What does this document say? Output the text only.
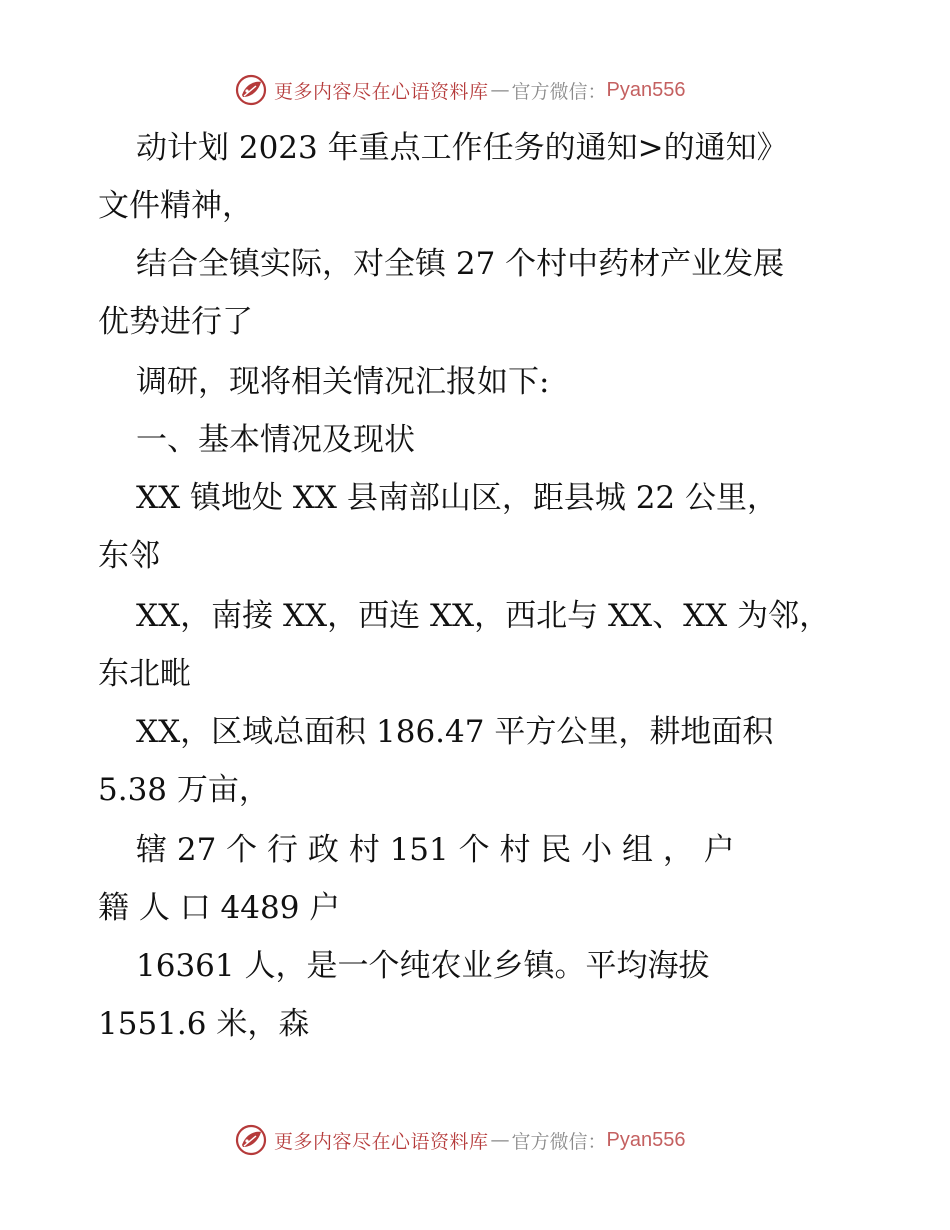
更多内容尽在心语资料库 — 官方微信： Pyan556
动计划 2023 年重点工作任务的通知>的通知》
文件精神，
结合全镇实际，对全镇 27 个村中药材产业发展
优势进行了
调研，现将相关情况汇报如下:
一、基本情况及现状
XX 镇地处 XX 县南部山区，距县城 22 公里，
东邻
XX，南接 XX，西连 XX，西北与 XX、XX 为邻，
东北毗
XX，区域总面积 186.47 平方公里，耕地面积
5.38 万亩，
辖 27 个 行 政 村 151 个 村 民 小 组 ， 户
籍 人 口 4489 户
16361 人，是一个纯农业乡镇。平均海拔
1551.6 米，森
更多内容尽在心语资料库 — 官方微信： Pyan556
